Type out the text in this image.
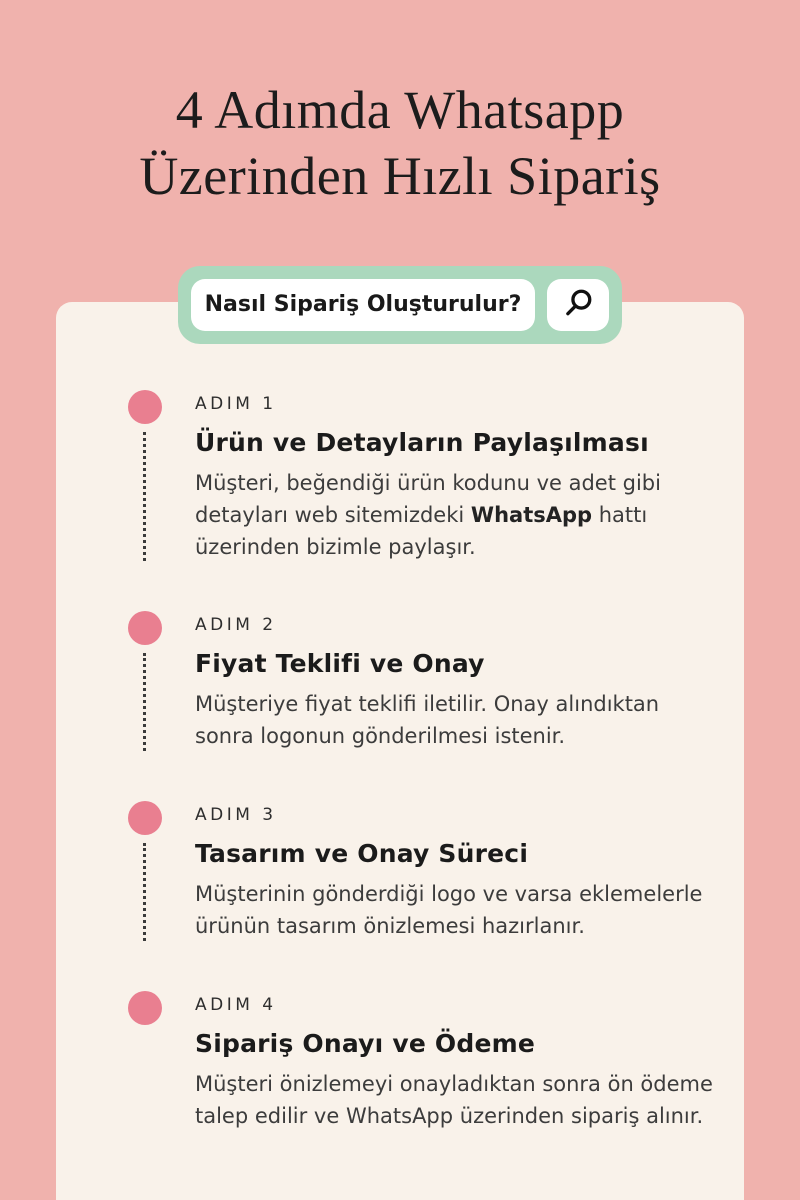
4 Adımda Whatsapp
Üzerinden Hızlı Sipariş
Nasıl Sipariş Oluşturulur?
ADIM 1
Ürün ve Detayların Paylaşılması
Müşteri, beğendiği ürün kodunu ve adet gibi detayları web sitemizdeki WhatsApp hattı üzerinden bizimle paylaşır.
ADIM 2
Fiyat Teklifi ve Onay
Müşteriye fiyat teklifi iletilir. Onay alındıktan sonra logonun gönderilmesi istenir.
ADIM 3
Tasarım ve Onay Süreci
Müşterinin gönderdiği logo ve varsa eklemelerle ürünün tasarım önizlemesi hazırlanır.
ADIM 4
Sipariş Onayı ve Ödeme
Müşteri önizlemeyi onayladıktan sonra ön ödeme talep edilir ve WhatsApp üzerinden sipariş alınır.
